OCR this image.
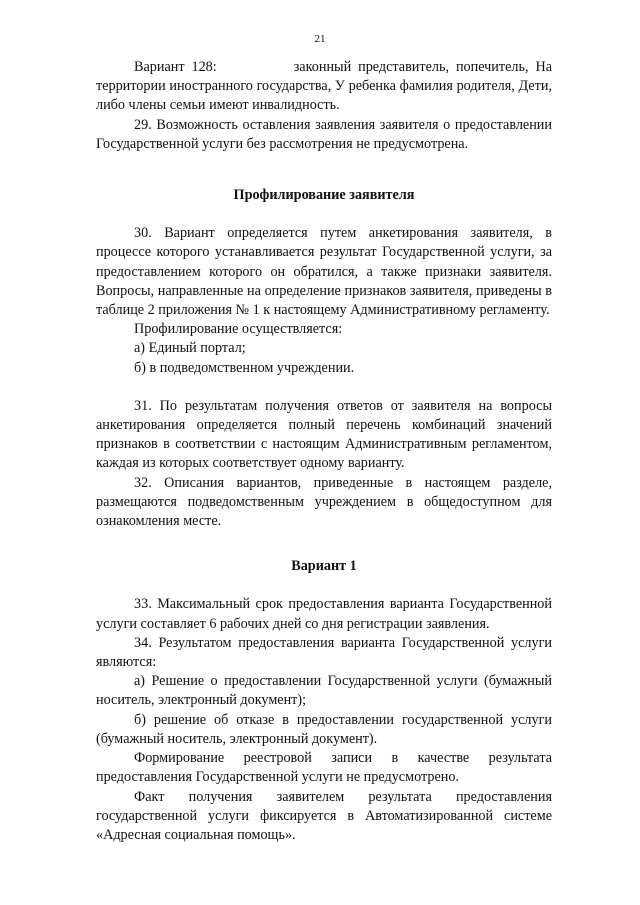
21

Вариант 128:	законный представитель, попечитель, На территории иностранного государства, У ребенка фамилия родителя, Дети, либо члены семьи имеют инвалидность.

29. Возможность оставления заявления заявителя о предоставлении Государственной услуги без рассмотрения не предусмотрена.

Профилирование заявителя

30. Вариант определяется путем анкетирования заявителя, в процессе которого устанавливается результат Государственной услуги, за предоставлением которого он обратился, а также признаки заявителя. Вопросы, направленные на определение признаков заявителя, приведены в таблице 2 приложения № 1 к настоящему Административному регламенту.

Профилирование осуществляется:

а) Единый портал;

б) в подведомственном учреждении.

31. По результатам получения ответов от заявителя на вопросы анкетирования определяется полный перечень комбинаций значений признаков в соответствии с настоящим Административным регламентом, каждая из которых соответствует одному варианту.

32. Описания вариантов, приведенные в настоящем разделе, размещаются подведомственным учреждением в общедоступном для ознакомления месте.

Вариант 1

33. Максимальный срок предоставления варианта Государственной услуги составляет 6 рабочих дней со дня регистрации заявления.

34. Результатом предоставления варианта Государственной услуги являются:

а) Решение о предоставлении Государственной услуги (бумажный носитель, электронный документ);

б) решение об отказе в предоставлении государственной услуги (бумажный носитель, электронный документ).

Формирование реестровой записи в качестве результата предоставления Государственной услуги не предусмотрено.

Факт получения заявителем результата предоставления государственной услуги фиксируется в Автоматизированной системе «Адресная социальная помощь».
